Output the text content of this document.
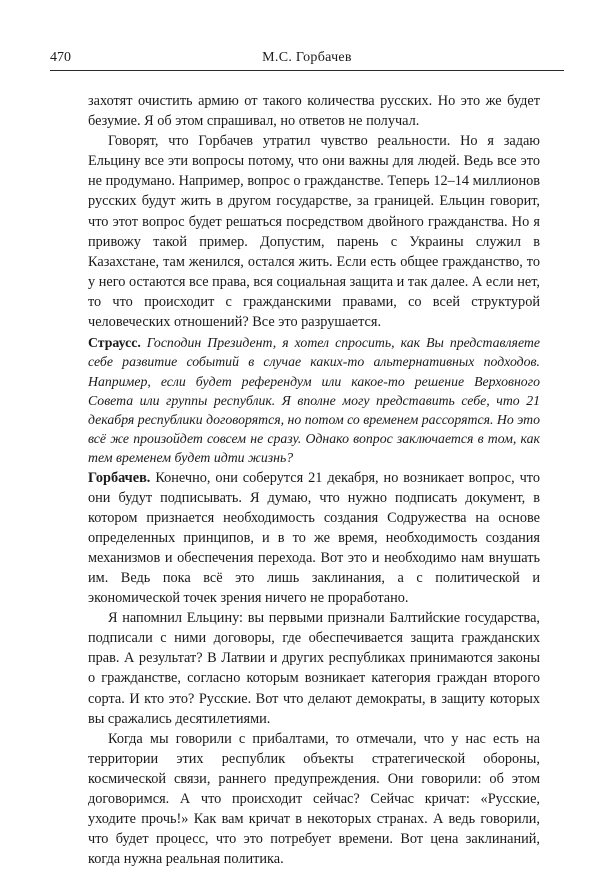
470	М.С. Горбачев

захотят очистить армию от такого количества русских. Но это же будет безумие. Я об этом спрашивал, но ответов не получал.

Говорят, что Горбачев утратил чувство реальности. Но я задаю Ельцину все эти вопросы потому, что они важны для людей. Ведь все это не продумано. Например, вопрос о гражданстве. Теперь 12–14 миллионов русских будут жить в другом государстве, за границей. Ельцин говорит, что этот вопрос будет решаться посредством двойного гражданства. Но я привожу такой пример. Допустим, парень с Украины служил в Казахстане, там женился, остался жить. Если есть общее гражданство, то у него остаются все права, вся социальная защита и так далее. А если нет, то что происходит с гражданскими правами, со всей структурой человеческих отношений? Все это разрушается.

Страусс. Господин Президент, я хотел спросить, как Вы представляете себе развитие событий в случае каких-то альтернативных подходов. Например, если будет референдум или какое-то решение Верховного Совета или группы республик. Я вполне могу представить себе, что 21 декабря республики договорятся, но потом со временем рассорятся. Но это всё же произойдет совсем не сразу. Однако вопрос заключается в том, как тем временем будет идти жизнь?

Горбачев. Конечно, они соберутся 21 декабря, но возникает вопрос, что они будут подписывать. Я думаю, что нужно подписать документ, в котором признается необходимость создания Содружества на основе определенных принципов, и в то же время, необходимость создания механизмов и обеспечения перехода. Вот это и необходимо нам внушать им. Ведь пока всё это лишь заклинания, а с политической и экономической точек зрения ничего не проработано.

Я напомнил Ельцину: вы первыми признали Балтийские государства, подписали с ними договоры, где обеспечивается защита гражданских прав. А результат? В Латвии и других республиках принимаются законы о гражданстве, согласно которым возникает категория граждан второго сорта. И кто это? Русские. Вот что делают демократы, в защиту которых вы сражались десятилетиями.

Когда мы говорили с прибалтами, то отмечали, что у нас есть на территории этих республик объекты стратегической обороны, космической связи, раннего предупреждения. Они говорили: об этом договоримся. А что происходит сейчас? Сейчас кричат: «Русские, уходите прочь!» Как вам кричат в некоторых странах. А ведь говорили, что будет процесс, что это потребует времени. Вот цена заклинаний, когда нужна реальная политика.
